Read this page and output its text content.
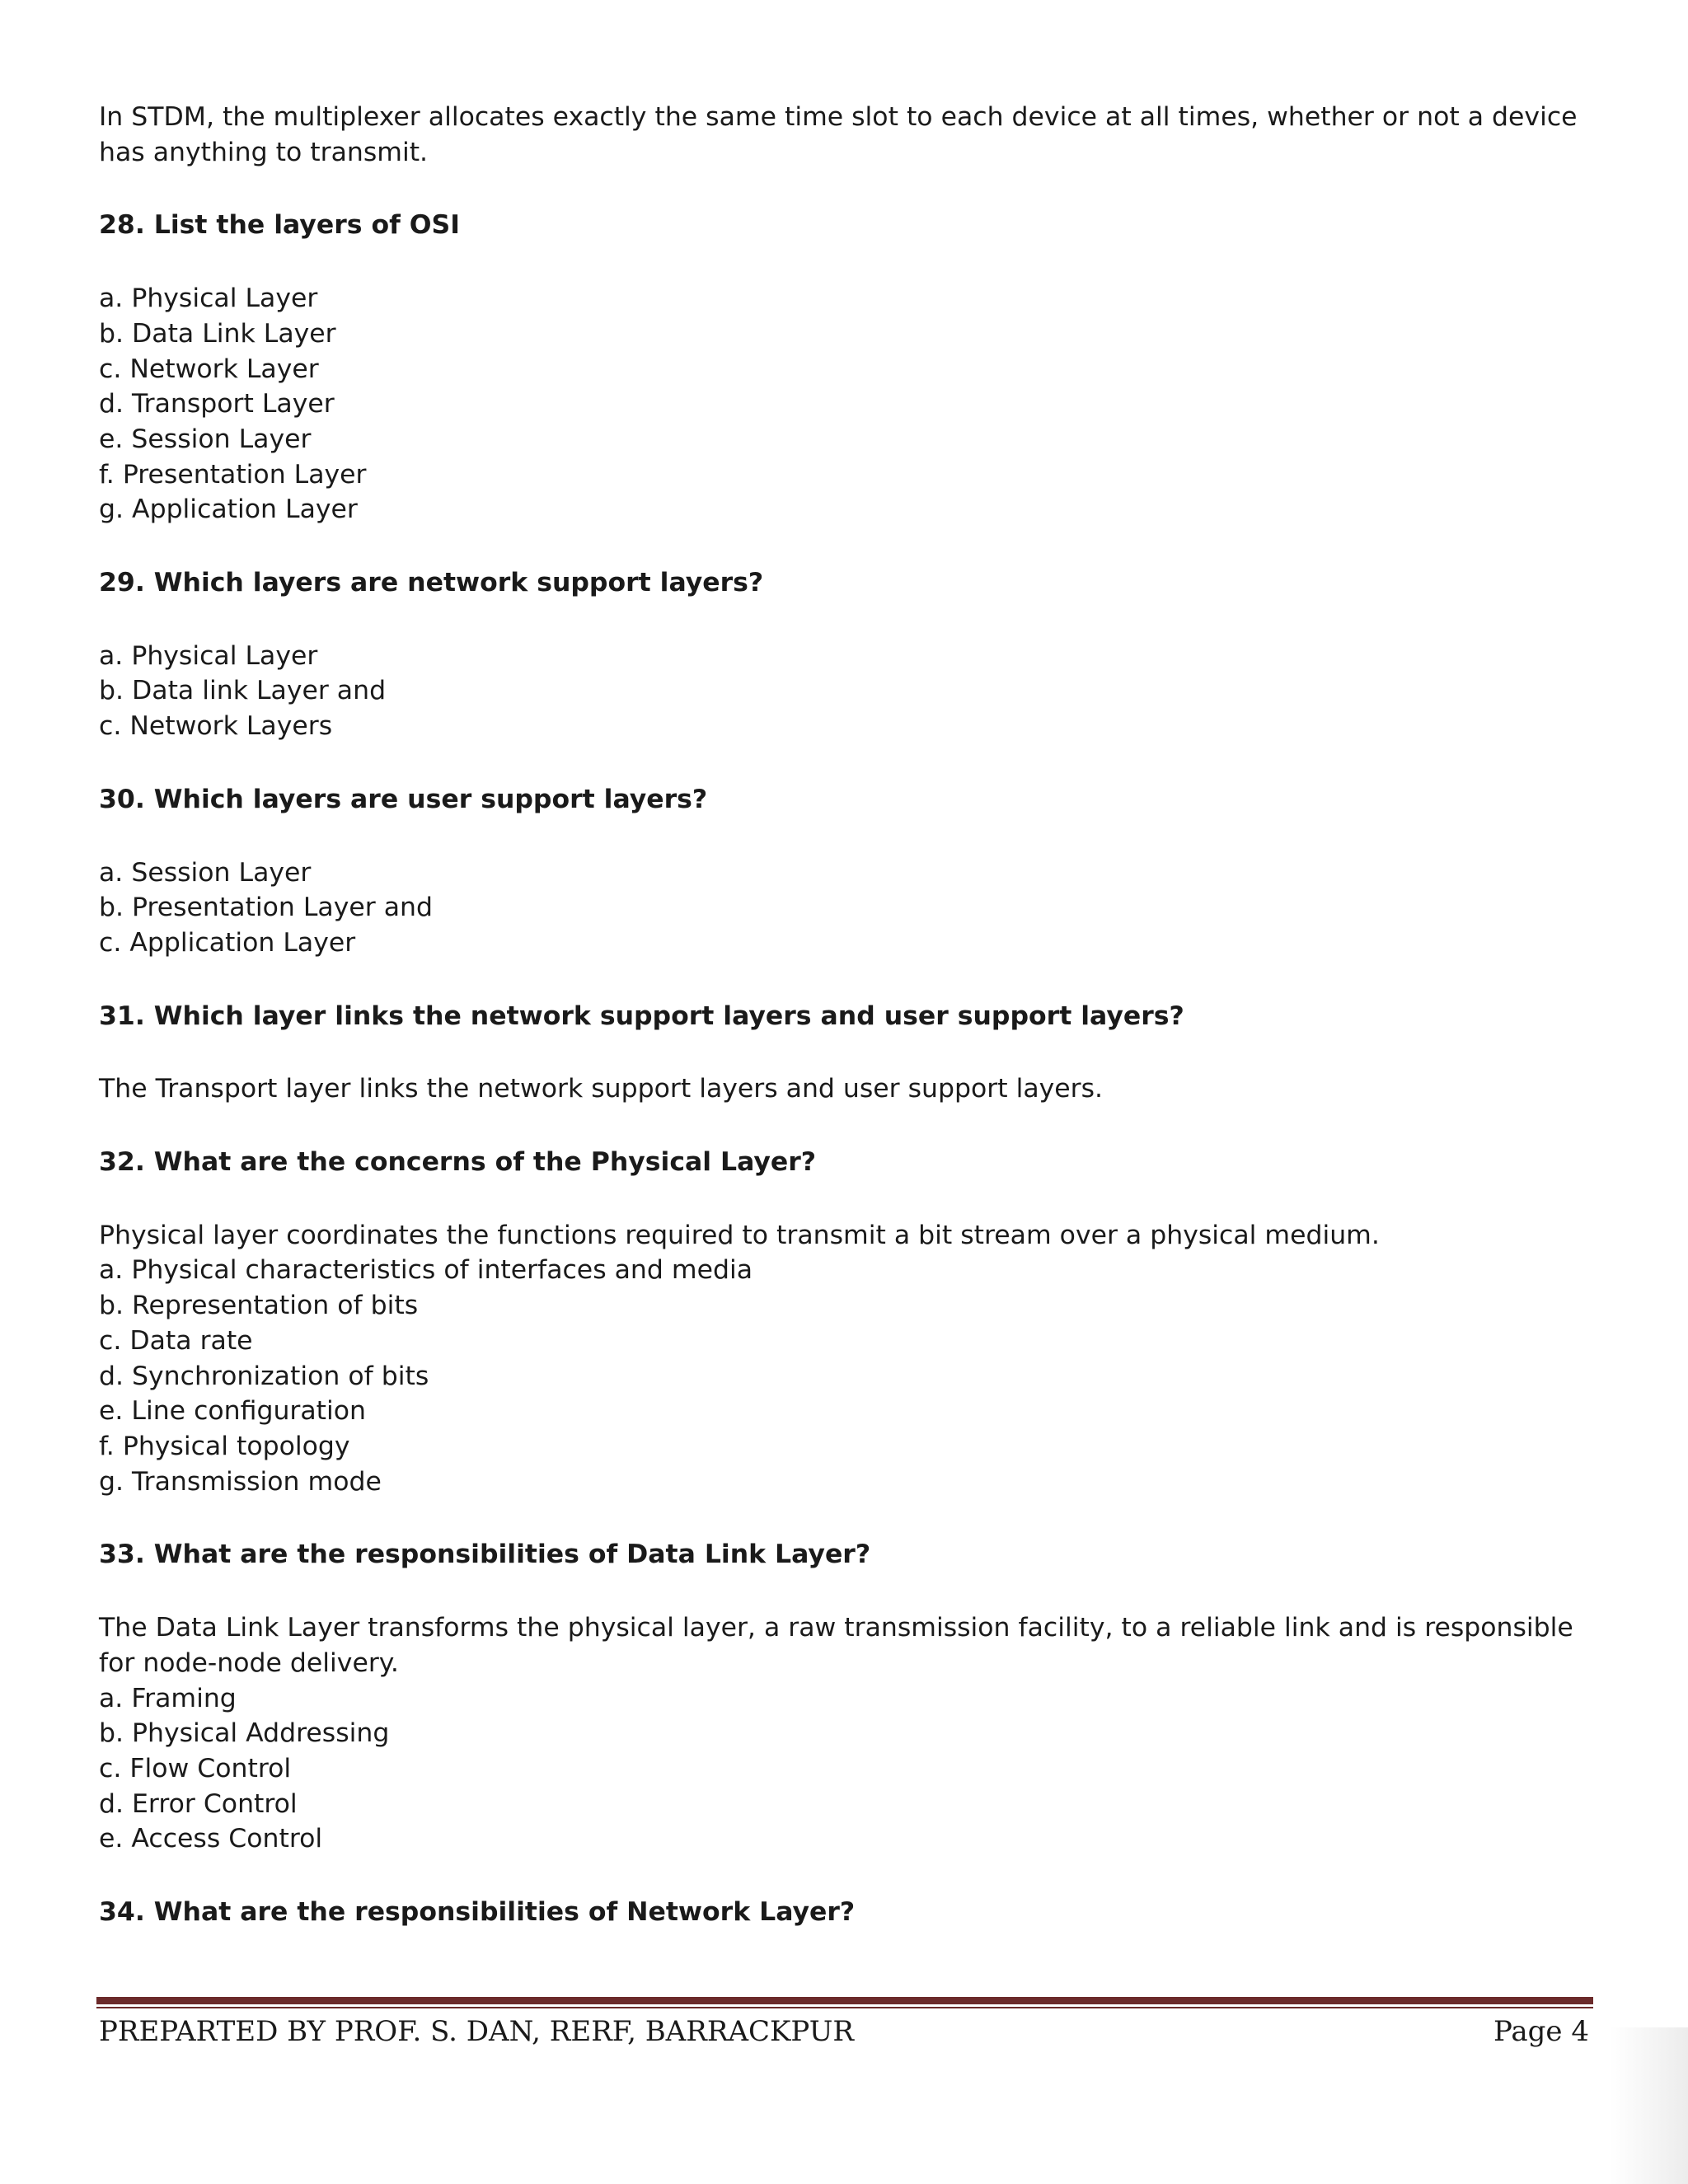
In STDM, the multiplexer allocates exactly the same time slot to each device at all times, whether or not a device has anything to transmit.

28. List the layers of OSI

a. Physical Layer

b. Data Link Layer

c. Network Layer

d. Transport Layer

e. Session Layer

f. Presentation Layer

g. Application Layer

29. Which layers are network support layers?

a. Physical Layer

b. Data link Layer and

c. Network Layers

30. Which layers are user support layers?

a. Session Layer

b. Presentation Layer and

c. Application Layer

31. Which layer links the network support layers and user support layers?

The Transport layer links the network support layers and user support layers.

32. What are the concerns of the Physical Layer?

Physical layer coordinates the functions required to transmit a bit stream over a physical medium.

a. Physical characteristics of interfaces and media

b. Representation of bits

c. Data rate

d. Synchronization of bits

e. Line configuration

f. Physical topology

g. Transmission mode

33. What are the responsibilities of Data Link Layer?

The Data Link Layer transforms the physical layer, a raw transmission facility, to a reliable link and is responsible for node-node delivery.

a. Framing

b. Physical Addressing

c. Flow Control

d. Error Control

e. Access Control

34. What are the responsibilities of Network Layer?

PREPARTED BY PROF. S. DAN, RERF, BARRACKPUR	Page 4
